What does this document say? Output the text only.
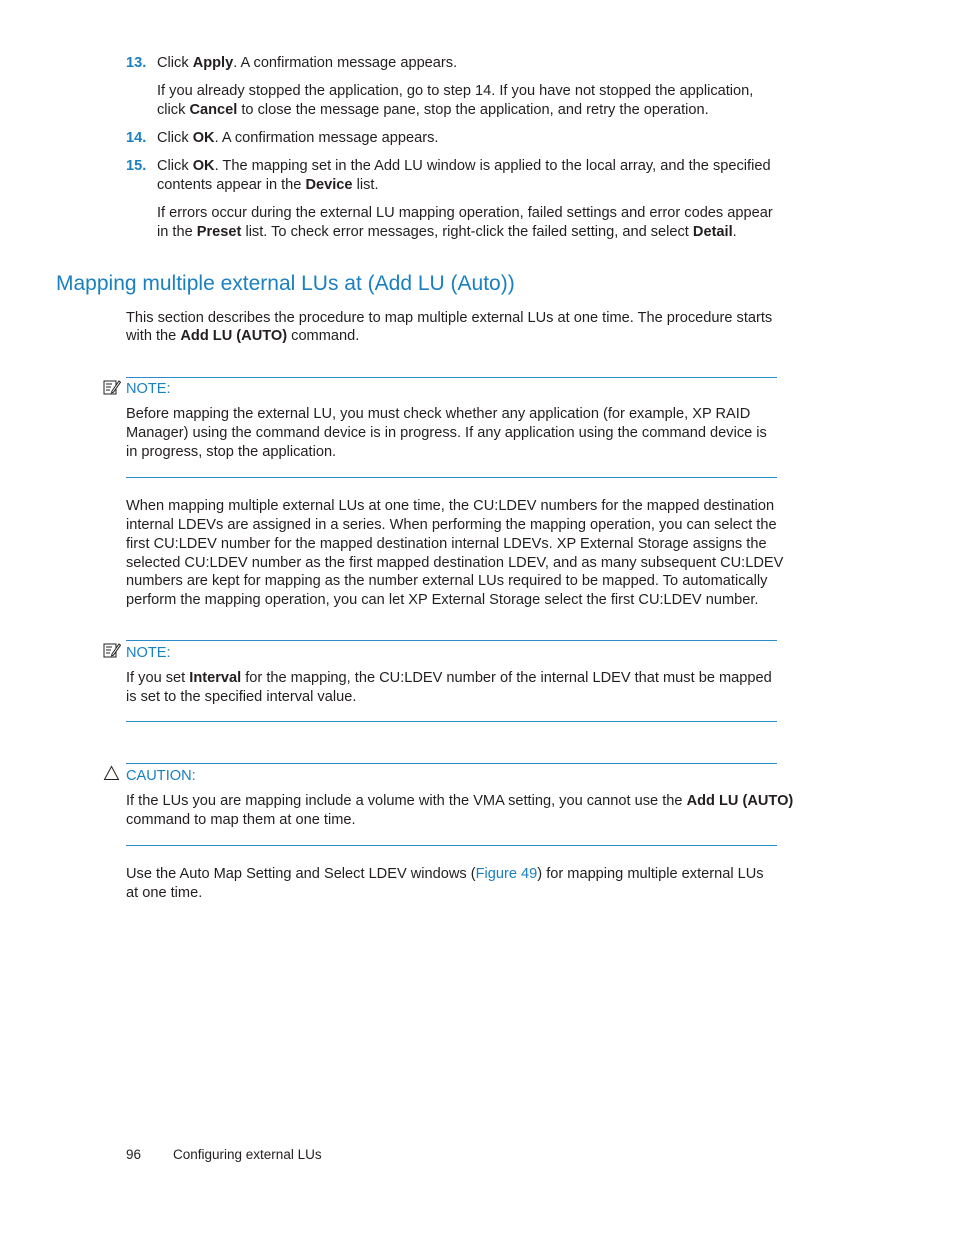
13. Click Apply. A confirmation message appears.
If you already stopped the application, go to step 14. If you have not stopped the application,
click Cancel to close the message pane, stop the application, and retry the operation.
14. Click OK. A confirmation message appears.
15. Click OK. The mapping set in the Add LU window is applied to the local array, and the specified
contents appear in the Device list.
If errors occur during the external LU mapping operation, failed settings and error codes appear
in the Preset list. To check error messages, right-click the failed setting, and select Detail.
Mapping multiple external LUs at (Add LU (Auto))
This section describes the procedure to map multiple external LUs at one time. The procedure starts
with the Add LU (AUTO) command.
NOTE:
Before mapping the external LU, you must check whether any application (for example, XP RAID
Manager) using the command device is in progress. If any application using the command device is
in progress, stop the application.
When mapping multiple external LUs at one time, the CU:LDEV numbers for the mapped destination
internal LDEVs are assigned in a series. When performing the mapping operation, you can select the
first CU:LDEV number for the mapped destination internal LDEVs. XP External Storage assigns the
selected CU:LDEV number as the first mapped destination LDEV, and as many subsequent CU:LDEV
numbers are kept for mapping as the number external LUs required to be mapped. To automatically
perform the mapping operation, you can let XP External Storage select the first CU:LDEV number.
NOTE:
If you set Interval for the mapping, the CU:LDEV number of the internal LDEV that must be mapped
is set to the specified interval value.
CAUTION:
If the LUs you are mapping include a volume with the VMA setting, you cannot use the Add LU (AUTO)
command to map them at one time.
Use the Auto Map Setting and Select LDEV windows (Figure 49) for mapping multiple external LUs
at one time.
96 Configuring external LUs
